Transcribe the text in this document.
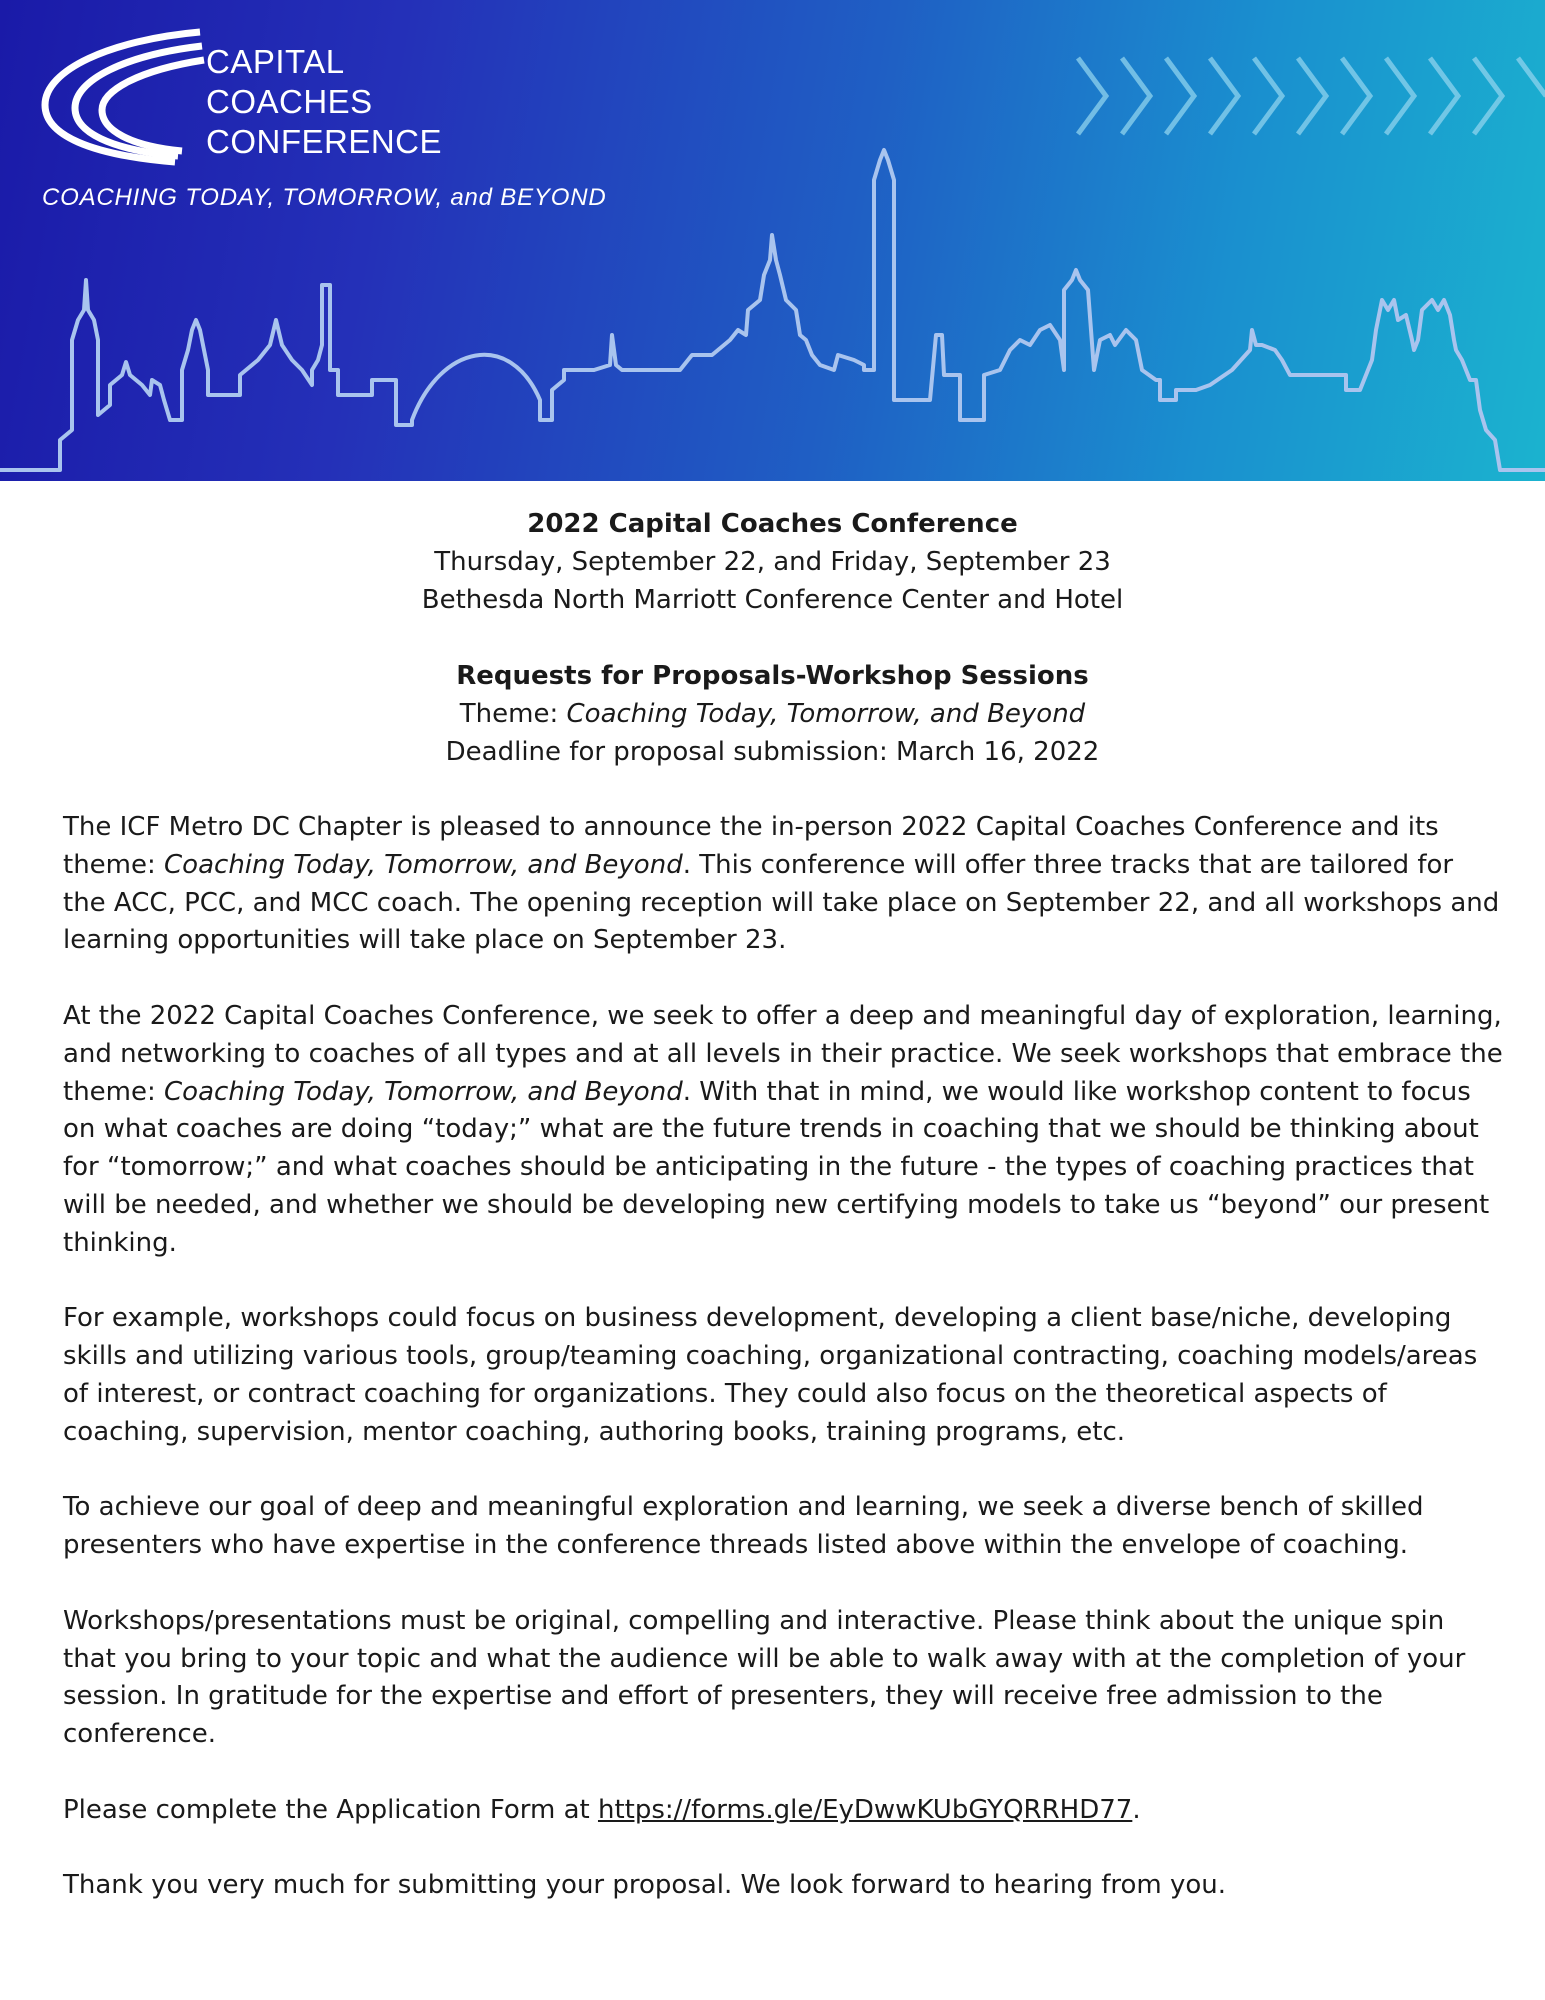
CAPITAL
COACHES
CONFERENCE
COACHING TODAY, TOMORROW, and BEYOND
2022 Capital Coaches Conference
Thursday, September 22, and Friday, September 23
Bethesda North Marriott Conference Center and Hotel
Requests for Proposals-Workshop Sessions
Theme: Coaching Today, Tomorrow, and Beyond
Deadline for proposal submission: March 16, 2022

The ICF Metro DC Chapter is pleased to announce the in-person 2022 Capital Coaches Conference and its theme: Coaching Today, Tomorrow, and Beyond. This conference will offer three tracks that are tailored for the ACC, PCC, and MCC coach. The opening reception will take place on September 22, and all workshops and learning opportunities will take place on September 23.

At the 2022 Capital Coaches Conference, we seek to offer a deep and meaningful day of exploration, learning, and networking to coaches of all types and at all levels in their practice. We seek workshops that embrace the theme: Coaching Today, Tomorrow, and Beyond. With that in mind, we would like workshop content to focus on what coaches are doing “today;” what are the future trends in coaching that we should be thinking about for “tomorrow;” and what coaches should be anticipating in the future - the types of coaching practices that will be needed, and whether we should be developing new certifying models to take us “beyond” our present thinking.

For example, workshops could focus on business development, developing a client base/niche, developing skills and utilizing various tools, group/teaming coaching, organizational contracting, coaching models/areas of interest, or contract coaching for organizations. They could also focus on the theoretical aspects of coaching, supervision, mentor coaching, authoring books, training programs, etc.

To achieve our goal of deep and meaningful exploration and learning, we seek a diverse bench of skilled presenters who have expertise in the conference threads listed above within the envelope of coaching.

Workshops/presentations must be original, compelling and interactive. Please think about the unique spin that you bring to your topic and what the audience will be able to walk away with at the completion of your session. In gratitude for the expertise and effort of presenters, they will receive free admission to the conference.

Please complete the Application Form at https://forms.gle/EyDwwKUbGYQRRHD77.

Thank you very much for submitting your proposal. We look forward to hearing from you.
